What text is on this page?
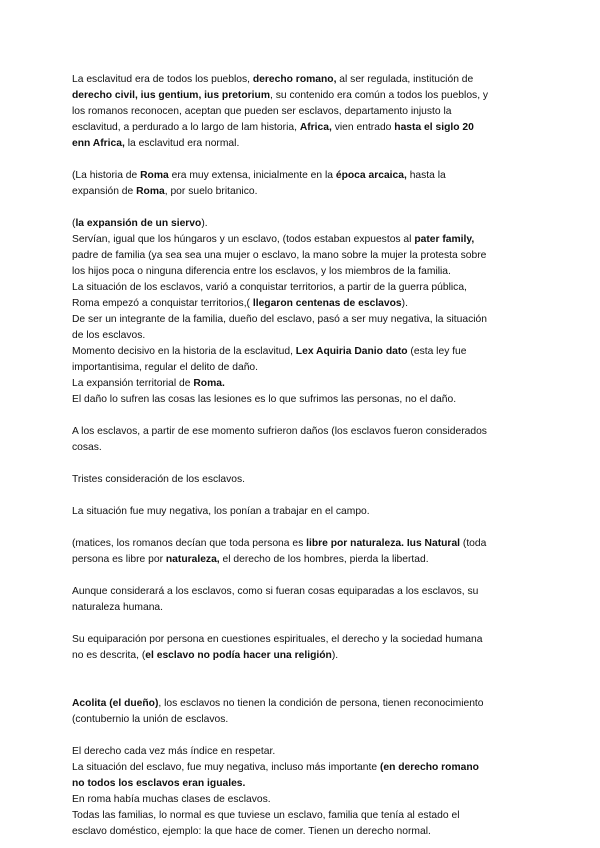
La esclavitud era de todos los pueblos, derecho romano, al ser regulada, institución de

derecho civil, ius gentium, ius pretorium, su contenido era común a todos los pueblos, y

los romanos reconocen, aceptan que pueden ser esclavos, departamento injusto la

esclavitud, a perdurado a lo largo de lam historia, Africa, vien entrado hasta el siglo 20

enn Africa, la esclavitud era normal.

(La historia de Roma era muy extensa, inicialmente en la época arcaica, hasta la

expansión de Roma, por suelo britanico.

(la expansión de un siervo).

Servían, igual que los húngaros y un esclavo, (todos estaban expuestos al pater family,

padre de familia (ya sea sea una mujer o esclavo, la mano sobre la mujer la protesta sobre

los hijos poca o ninguna diferencia entre los esclavos, y los miembros de la familia.

La situación de los esclavos, varió a conquistar territorios, a partir de la guerra pública,

Roma empezó a conquistar territorios,( llegaron centenas de esclavos).

De ser un integrante de la familia, dueño del esclavo, pasó a ser muy negativa, la situación

de los esclavos.

Momento decisivo en la historia de la esclavitud, Lex Aquiria Danio dato (esta ley fue

importantisima, regular el delito de daño.

La expansión territorial de Roma.

El daño lo sufren las cosas las lesiones es lo que sufrimos las personas, no el daño.

A los esclavos, a partir de ese momento sufrieron daños (los esclavos fueron considerados

cosas.

Tristes consideración de los esclavos.

La situación fue muy negativa, los ponían a trabajar en el campo.

(matices, los romanos decían que toda persona es libre por naturaleza. Ius Natural (toda

persona es libre por naturaleza, el derecho de los hombres, pierda la libertad.

Aunque considerará a los esclavos, como si fueran cosas equiparadas a los esclavos, su

naturaleza humana.

Su equiparación por persona en cuestiones espirituales, el derecho y la sociedad humana

no es descrita, (el esclavo no podía hacer una religión).

Acolita (el dueño), los esclavos no tienen la condición de persona, tienen reconocimiento

(contubernio la unión de esclavos.

El derecho cada vez más índice en respetar.

La situación del esclavo, fue muy negativa, incluso más importante (en derecho romano

no todos los esclavos eran iguales.

En roma había muchas clases de esclavos.

Todas las familias, lo normal es que tuviese un esclavo, familia que tenía al estado el

esclavo doméstico, ejemplo: la que hace de comer. Tienen un derecho normal.
